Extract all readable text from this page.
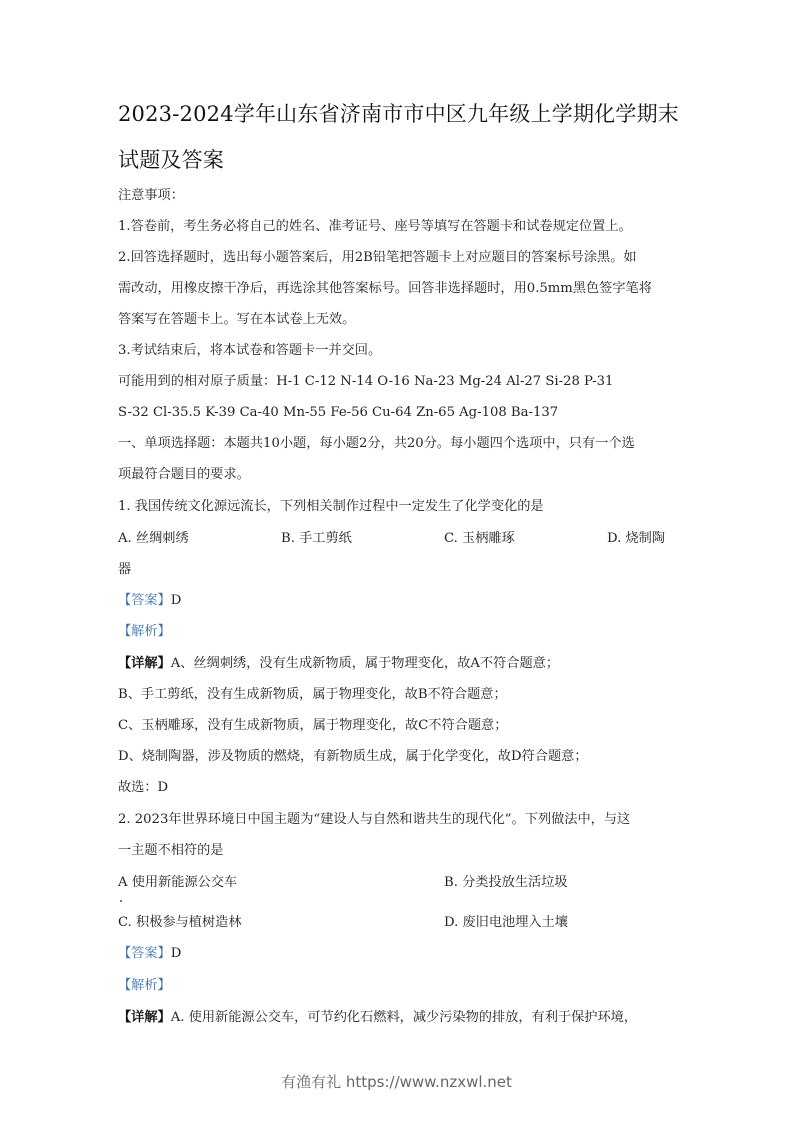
2023-2024学年山东省济南市市中区九年级上学期化学期末
试题及答案
注意事项：
1.答卷前，考生务必将自己的姓名、准考证号、座号等填写在答题卡和试卷规定位置上。
2.回答选择题时，选出每小题答案后，用2B铅笔把答题卡上对应题目的答案标号涂黑。如
需改动，用橡皮擦干净后，再选涂其他答案标号。回答非选择题时，用0.5mm黑色签字笔将
答案写在答题卡上。写在本试卷上无效。
3.考试结束后，将本试卷和答题卡一并交回。
可能用到的相对原子质量：H-1 C-12 N-14 O-16 Na-23 Mg-24 Al-27 Si-28 P-31
S-32 Cl-35.5 K-39 Ca-40 Mn-55 Fe-56 Cu-64 Zn-65 Ag-108 Ba-137
一、单项选择题：本题共10小题，每小题2分，共20分。每小题四个选项中，只有一个选
项最符合题目的要求。
1. 我国传统文化源远流长，下列相关制作过程中一定发生了化学变化的是
A. 丝绸刺绣	B. 手工剪纸	C. 玉柄雕琢	D. 烧制陶
器
【答案】D
【解析】
【详解】A、丝绸刺绣，没有生成新物质，属于物理变化，故A不符合题意；
B、手工剪纸，没有生成新物质，属于物理变化，故B不符合题意；
C、玉柄雕琢，没有生成新物质，属于物理变化，故C不符合题意；
D、烧制陶器，涉及物质的燃烧，有新物质生成，属于化学变化，故D符合题意；
故选：D
2. 2023年世界环境日中国主题为“建设人与自然和谐共生的现代化”。下列做法中，与这
一主题不相符的是
A 使用新能源公交车	B. 分类投放生活垃圾
C. 积极参与植树造林	D. 废旧电池埋入土壤
【答案】D
【解析】
【详解】A. 使用新能源公交车，可节约化石燃料，减少污染物的排放，有利于保护环境，
有渔有礼 https://www.nzxwl.net
